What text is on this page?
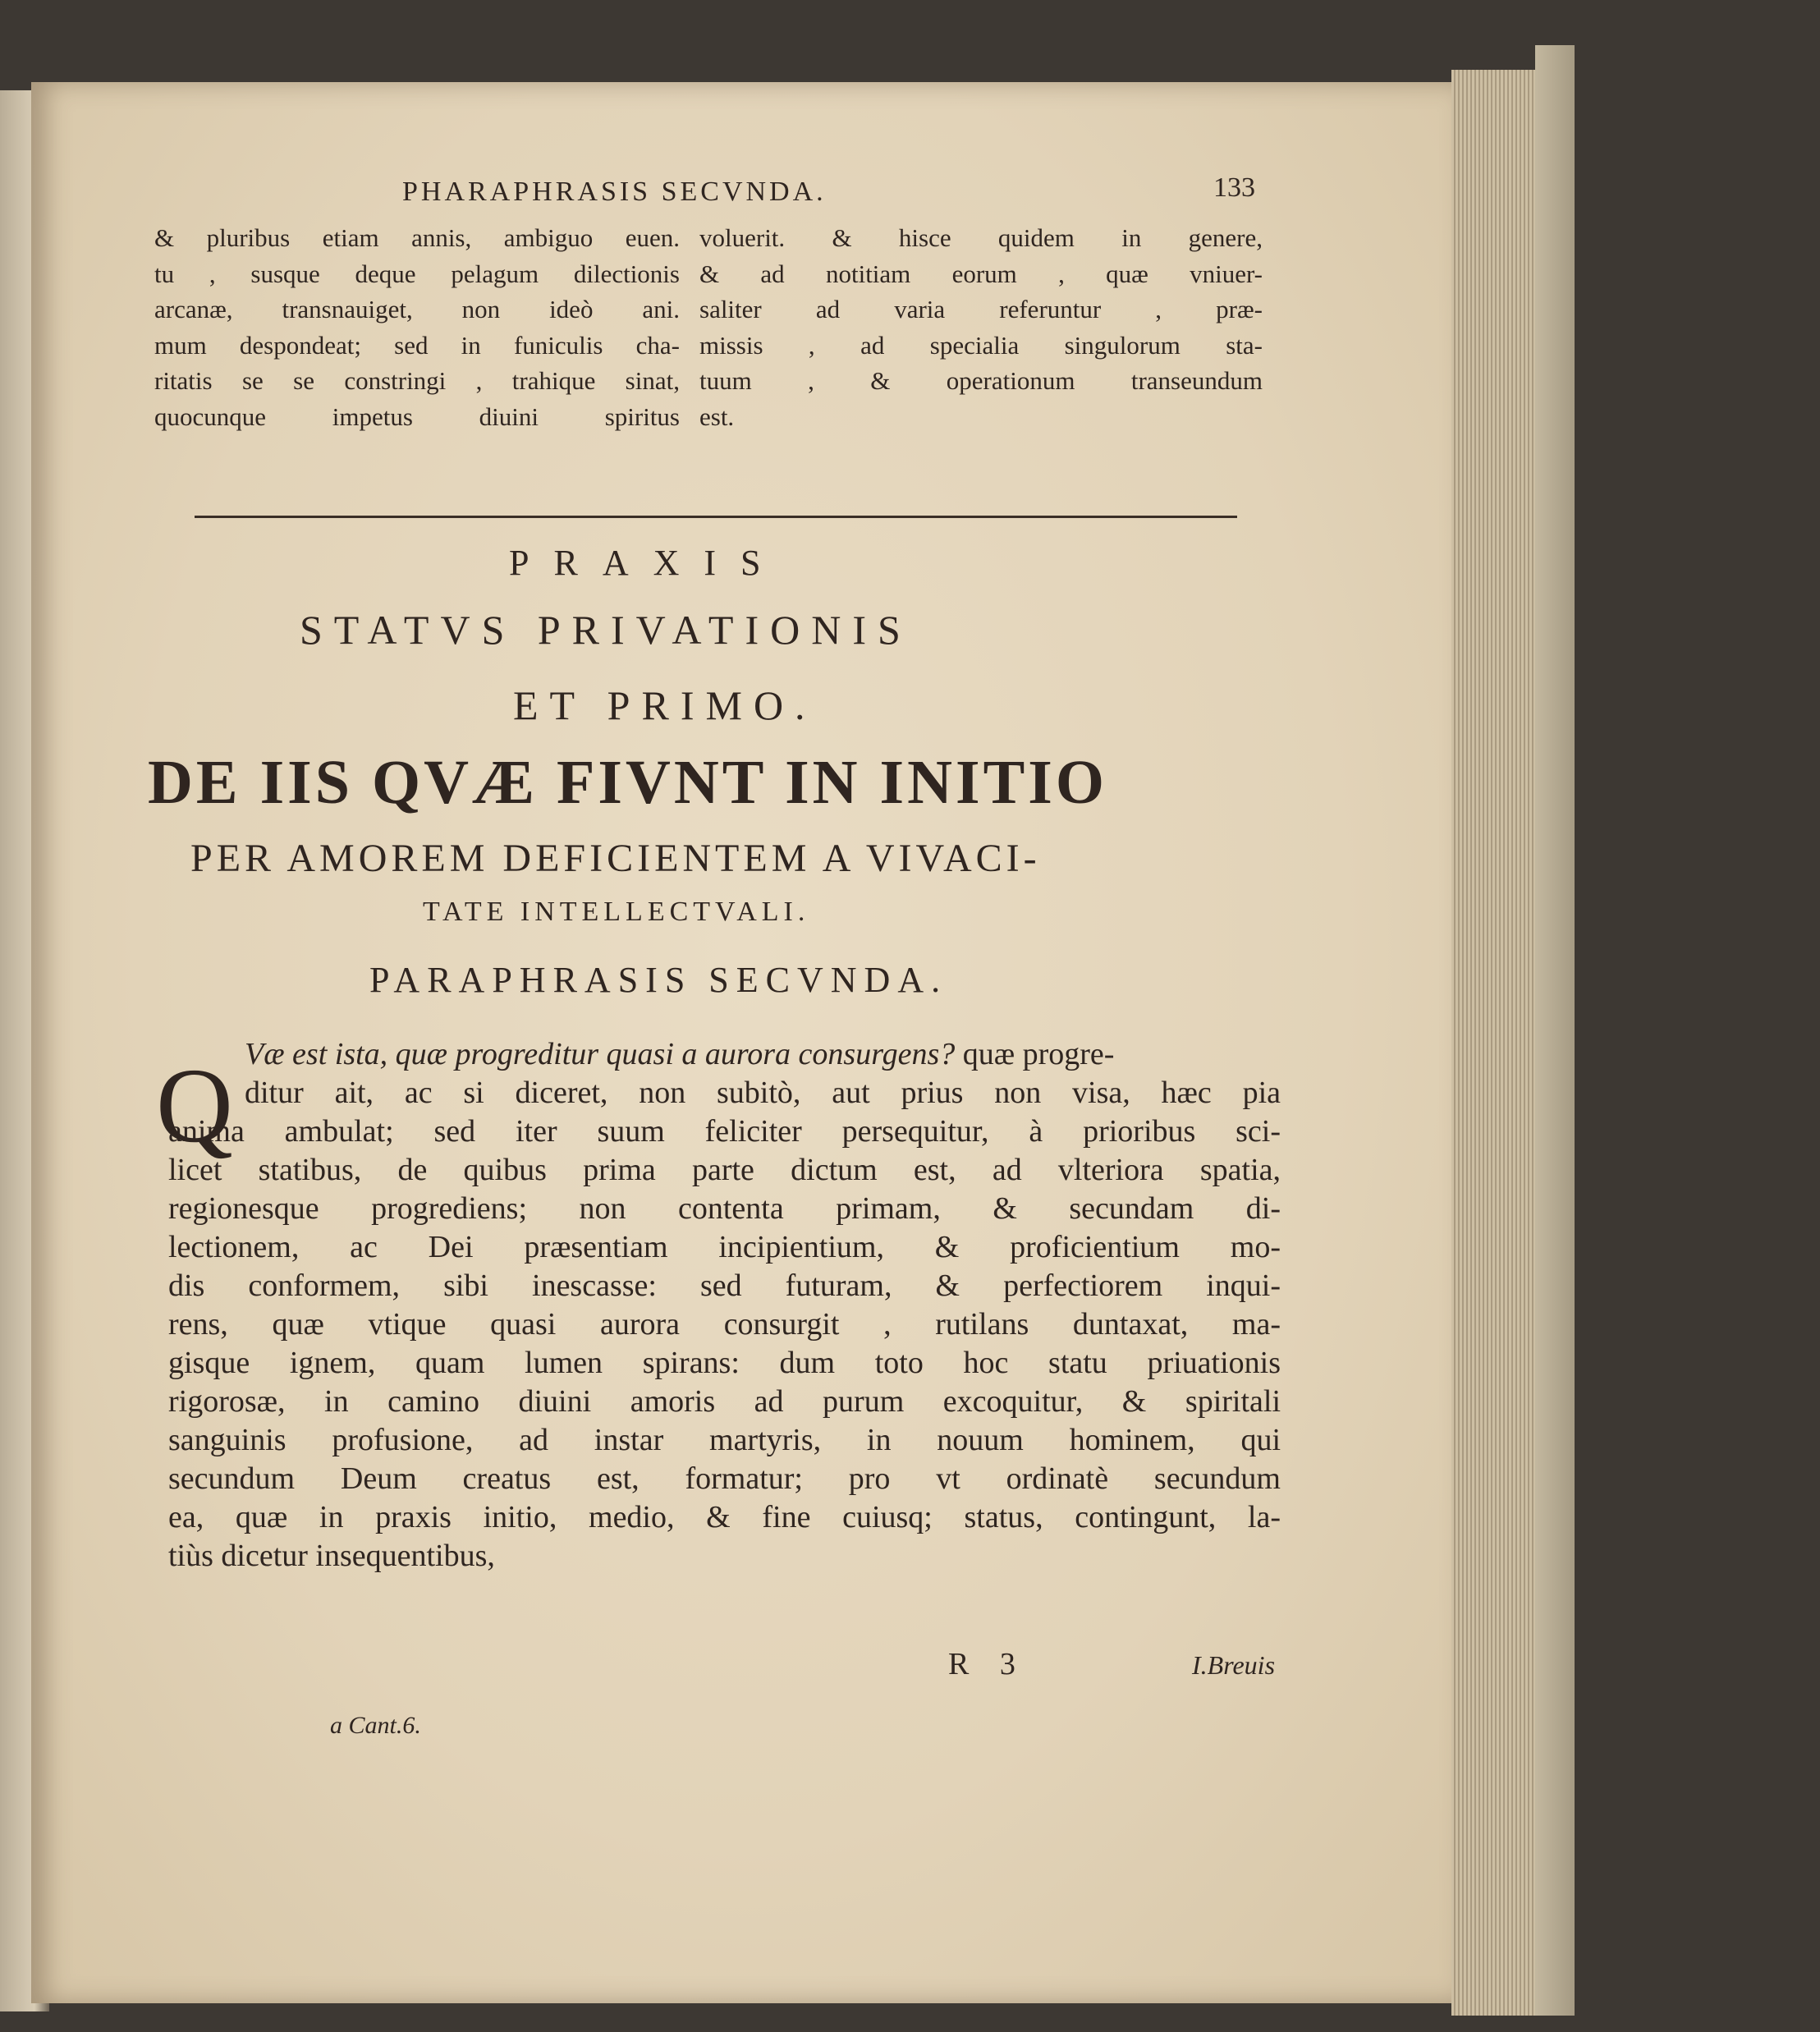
PHARAPHRASIS SECVNDA.	133
& pluribus etiam annis, ambiguo euen.
tu , susque deque pelagum dilectionis
arcanæ, transnauiget, non ideò ani.
mum despondeat; sed in funiculis cha-
ritatis se se constringi , trahique sinat,
quocunque impetus diuini spiritus
voluerit. & hisce quidem in genere,
& ad notitiam eorum , quæ vniuer-
saliter ad varia referuntur , præ-
missis , ad specialia singulorum sta-
tuum , & operationum transeundum
est.
PRAXIS
STATVS PRIVATIONIS
ET PRIMO.
DE IIS QVÆ FIVNT IN INITIO
PER AMOREM DEFICIENTEM A VIVACI-
TATE INTELLECTVALI.
PARAPHRASIS SECVNDA.
Q Væ est ista, quæ progreditur quasi a aurora consurgens? quæ progre-
ditur ait, ac si diceret, non subitò, aut prius non visa, hæc pia
anima ambulat; sed iter suum feliciter persequitur, à prioribus sci-
licet statibus, de quibus prima parte dictum est, ad vlteriora spatia,
regionesque progrediens; non contenta primam, & secundam di-
lectionem, ac Dei præsentiam incipientium, & proficientium mo-
dis conformem, sibi inescasse: sed futuram, & perfectiorem inqui-
rens, quæ vtique quasi aurora consurgit , rutilans duntaxat, ma-
gisque ignem, quam lumen spirans: dum toto hoc statu priuationis
rigorosæ, in camino diuini amoris ad purum excoquitur, & spiritali
sanguinis profusione, ad instar martyris, in nouum hominem, qui
secundum Deum creatus est, formatur; pro vt ordinatè secundum
ea, quæ in praxis initio, medio, & fine cuiusq; status, contingunt, la-
tiùs dicetur insequentibus,
R 3	I.Breuis
a Cant.6.
